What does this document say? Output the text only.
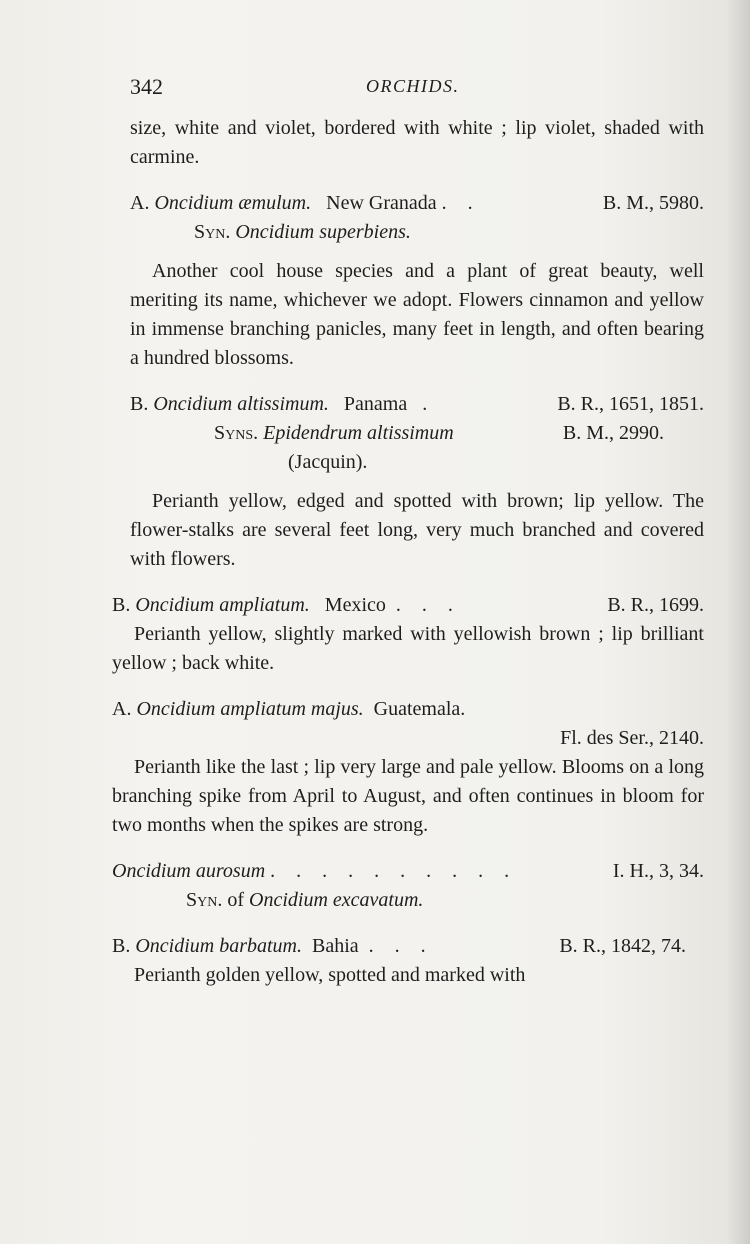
342	ORCHIDS.

size, white and violet, bordered with white ; lip violet, shaded with carmine.

A. Oncidium æmulum. New Granada . .	B. M., 5980.
Syn. Oncidium superbiens.

Another cool house species and a plant of great beauty, well meriting its name, whichever we adopt. Flowers cinnamon and yellow in immense branching panicles, many feet in length, and often bearing a hundred blossoms.

B. Oncidium altissimum. Panama .	B. R., 1651, 1851.
Syns. Epidendrum altissimum	B. M., 2990.
(Jacquin).

Perianth yellow, edged and spotted with brown; lip yellow. The flower-stalks are several feet long, very much branched and covered with flowers.

B. Oncidium ampliatum. Mexico . . .	B. R., 1699.

Perianth yellow, slightly marked with yellowish brown ; lip brilliant yellow ; back white.

A. Oncidium ampliatum majus. Guatemala.
Fl. des Ser., 2140.

Perianth like the last ; lip very large and pale yellow. Blooms on a long branching spike from April to August, and often continues in bloom for two months when the spikes are strong.

Oncidium aurosum . . . . . . . . . .	I. H., 3, 34.
Syn. of Oncidium excavatum.
B. Oncidium barbatum. Bahia . . .	B. R., 1842, 74.

Perianth golden yellow, spotted and marked with
